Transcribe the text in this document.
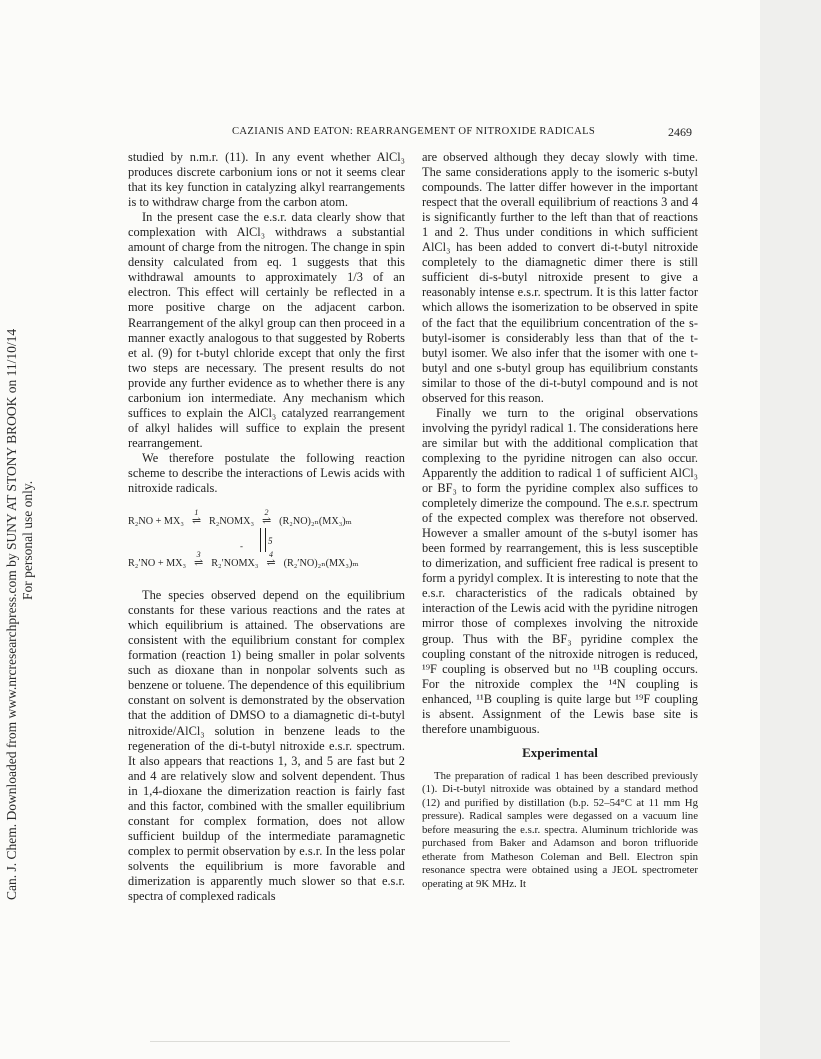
Can. J. Chem. Downloaded from www.nrcresearchpress.com by SUNY AT STONY BROOK on 11/10/14 For personal use only.
CAZIANIS AND EATON: REARRANGEMENT OF NITROXIDE RADICALS	2469

studied by n.m.r. (11). In any event whether AlCl₃ produces discrete carbonium ions or not it seems clear that its key function in catalyzing alkyl rearrangements is to withdraw charge from the carbon atom.

In the present case the e.s.r. data clearly show that complexation with AlCl₃ withdraws a substantial amount of charge from the nitrogen. The change in spin density calculated from eq. 1 suggests that this withdrawal amounts to approximately 1/3 of an electron. This effect will certainly be reflected in a more positive charge on the adjacent carbon. Rearrangement of the alkyl group can then proceed in a manner exactly analogous to that suggested by Roberts et al. (9) for t-butyl chloride except that only the first two steps are necessary. The present results do not provide any further evidence as to whether there is any carbonium ion intermediate. Any mechanism which suffices to explain the AlCl₃ catalyzed rearrangement of alkyl halides will suffice to explain the present rearrangement.

We therefore postulate the following reaction scheme to describe the interactions of Lewis acids with nitroxide radicals.

R₂NO + MX₃
1
⇌ R₂NOMX₃
2
⇌ (R₂NO)₂ₙ(MX₃)ₘ
-	5
R₂′NO + MX₃
3
⇌ R₂′NOMX₃
4
⇌ (R₂′NO)₂ₙ(MX₃)ₘ

The species observed depend on the equilibrium constants for these various reactions and the rates at which equilibrium is attained. The observations are consistent with the equilibrium constant for complex formation (reaction 1) being smaller in polar solvents such as dioxane than in nonpolar solvents such as benzene or toluene. The dependence of this equilibrium constant on solvent is demonstrated by the observation that the addition of DMSO to a diamagnetic di-t-butyl nitroxide/AlCl₃ solution in benzene leads to the regeneration of the di-t-butyl nitroxide e.s.r. spectrum. It also appears that reactions 1, 3, and 5 are fast but 2 and 4 are relatively slow and solvent dependent. Thus in 1,4-dioxane the dimerization reaction is fairly fast and this factor, combined with the smaller equilibrium constant for complex formation, does not allow sufficient buildup of the intermediate paramagnetic complex to permit observation by e.s.r. In the less polar solvents the equilibrium is more favorable and dimerization is apparently much slower so that e.s.r. spectra of complexed radicals

are observed although they decay slowly with time. The same considerations apply to the isomeric s-butyl compounds. The latter differ however in the important respect that the overall equilibrium of reactions 3 and 4 is significantly further to the left than that of reactions 1 and 2. Thus under conditions in which sufficient AlCl₃ has been added to convert di-t-butyl nitroxide completely to the diamagnetic dimer there is still sufficient di-s-butyl nitroxide present to give a reasonably intense e.s.r. spectrum. It is this latter factor which allows the isomerization to be observed in spite of the fact that the equilibrium concentration of the s-butyl-isomer is considerably less than that of the t-butyl isomer. We also infer that the isomer with one t-butyl and one s-butyl group has equilibrium constants similar to those of the di-t-butyl compound and is not observed for this reason.

Finally we turn to the original observations involving the pyridyl radical 1. The considerations here are similar but with the additional complication that complexing to the pyridine nitrogen can also occur. Apparently the addition to radical 1 of sufficient AlCl₃ or BF₃ to form the pyridine complex also suffices to completely dimerize the compound. The e.s.r. spectrum of the expected complex was therefore not observed. However a smaller amount of the s-butyl isomer has been formed by rearrangement, this is less susceptible to dimerization, and sufficient free radical is present to form a pyridyl complex. It is interesting to note that the e.s.r. characteristics of the radicals obtained by interaction of the Lewis acid with the pyridine nitrogen mirror those of complexes involving the nitroxide group. Thus with the BF₃ pyridine complex the coupling constant of the nitroxide nitrogen is reduced, ¹⁹F coupling is observed but no ¹¹B coupling occurs. For the nitroxide complex the ¹⁴N coupling is enhanced, ¹¹B coupling is quite large but ¹⁹F coupling is absent. Assignment of the Lewis base site is therefore unambiguous.

Experimental

The preparation of radical 1 has been described previously (1). Di-t-butyl nitroxide was obtained by a standard method (12) and purified by distillation (b.p. 52–54°C at 11 mm Hg pressure). Radical samples were degassed on a vacuum line before measuring the e.s.r. spectra. Aluminum trichloride was purchased from Baker and Adamson and boron trifluoride etherate from Matheson Coleman and Bell. Electron spin resonance spectra were obtained using a JEOL spectrometer operating at 9K MHz. It
